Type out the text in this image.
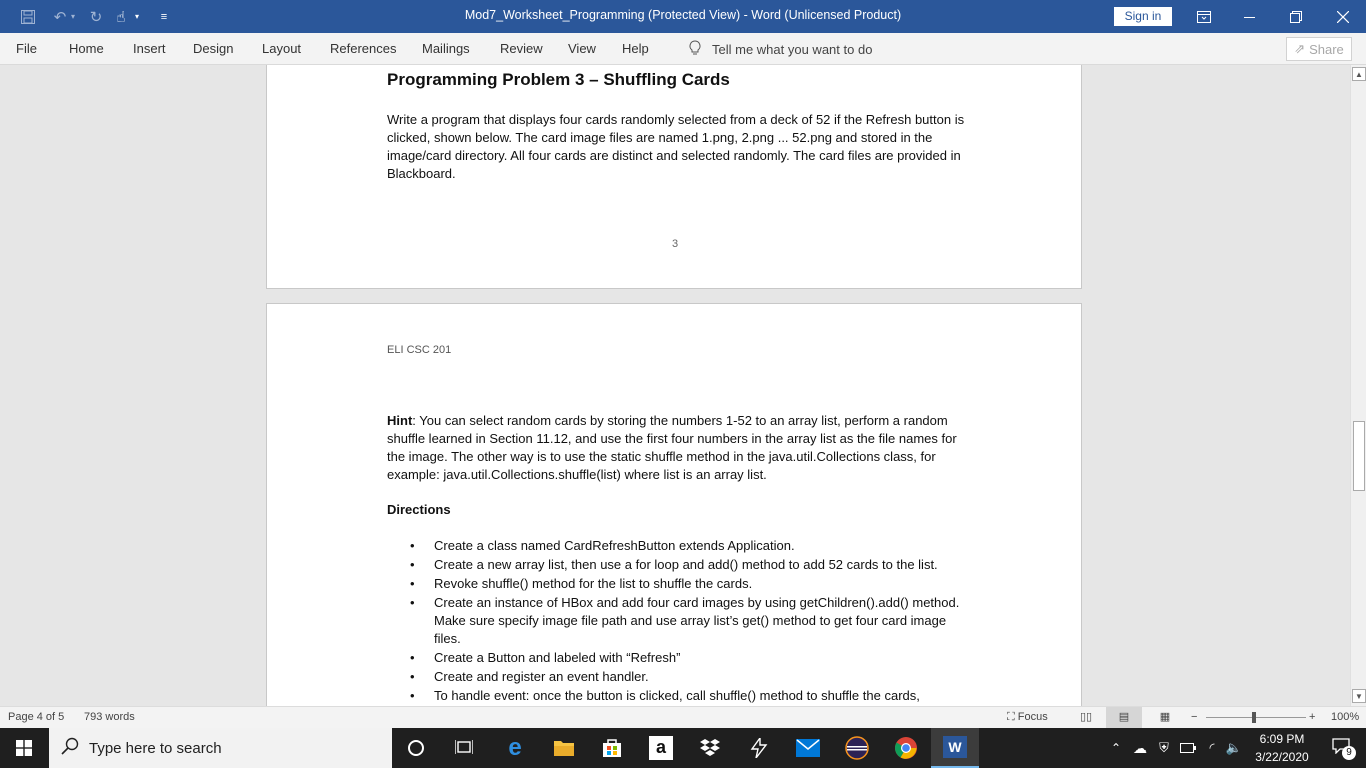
↶ ▾ ↻ ☝	▾	≡	Mod7_Worksheet_Programming (Protected View) - Word (Unlicensed Product)	Sign in
File Home Insert Design Layout References Mailings Review View Help	Tell me what you want to do	⇗ Share
Programming Problem 3 – Shuffling Cards
Write a program that displays four cards randomly selected from a deck of 52 if the Refresh button is clicked, shown below. The card image files are named 1.png, 2.png ... 52.png and stored in the image/card directory. All four cards are distinct and selected randomly. The card files are provided in Blackboard.
3
ELI CSC 201
Hint: You can select random cards by storing the numbers 1-52 to an array list, perform a random shuffle learned in Section 11.12, and use the first four numbers in the array list as the file names for the image. The other way is to use the static shuffle method in the java.util.Collections class, for example: java.util.Collections.shuffle(list) where list is an array list.
Directions
• Create a class named CardRefreshButton extends Application.
• Create a new array list, then use a for loop and add() method to add 52 cards to the list.
• Revoke shuffle() method for the list to shuffle the cards.
• Create an instance of HBox and add four card images by using getChildren().add() method. Make sure specify image file path and use array list’s get() method to get four card image files.
• Create a Button and labeled with “Refresh”
• Create and register an event handler.
• To handle event: once the button is clicked, call shuffle() method to shuffle the cards,
▲
▼
Page 4 of 5 793 words	⛶ Focus	▯▯	▤	▦ −	+	100%
Type here to search	e	a	W	⌃ ☁ ⛨	◜ 🔈
6:09 PM
3/22/2020	9
